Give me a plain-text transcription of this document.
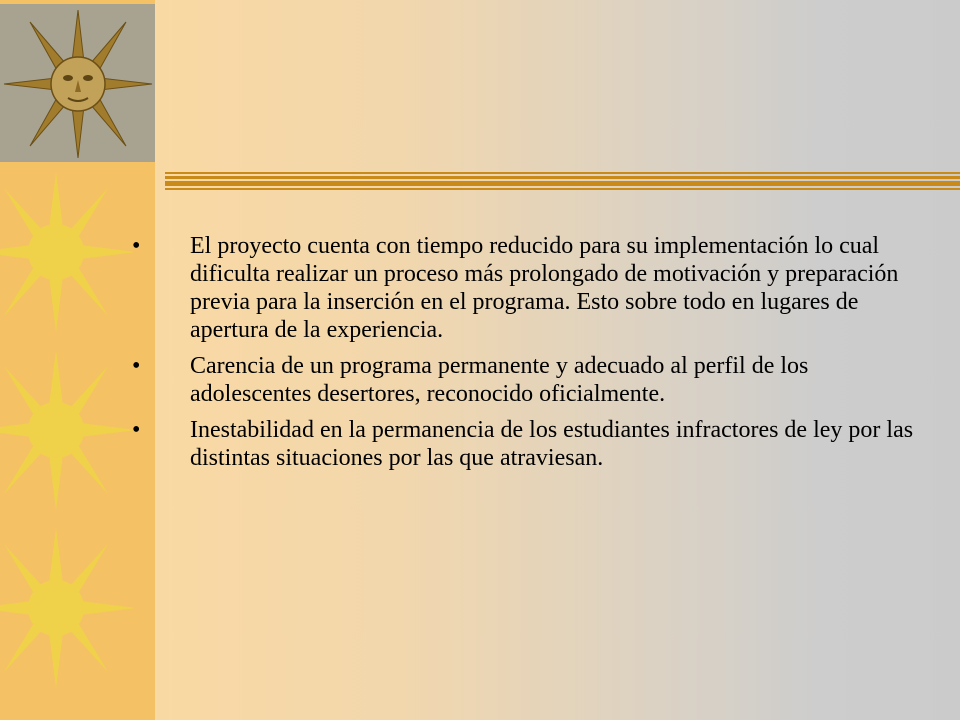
•	El proyecto cuenta con tiempo reducido para su implementación lo cual dificulta realizar un proceso más prolongado de motivación y preparación previa para la inserción en el programa. Esto sobre todo en lugares de apertura de la experiencia.
•	Carencia de un programa permanente y adecuado al perfil de los adolescentes desertores, reconocido oficialmente.
•	Inestabilidad en la permanencia de los estudiantes infractores de ley por las distintas situaciones por las que atraviesan.
